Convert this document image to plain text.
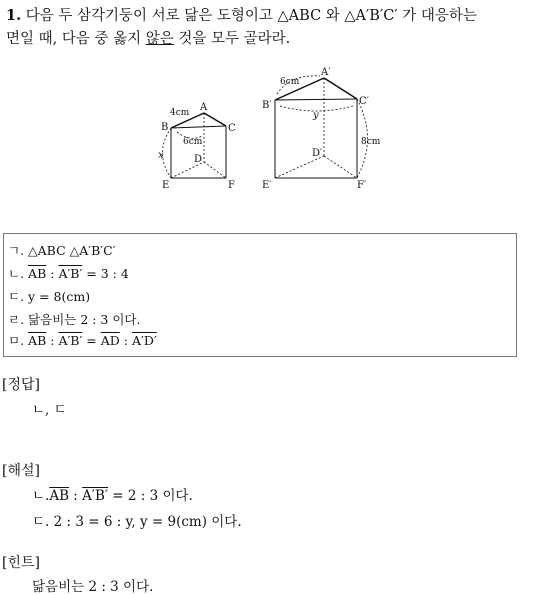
1. 다음 두 삼각기둥이 서로 닮은 도형이고 △ABC 와 △A′B′C′ 가 대응하는
면일 때, 다음 중 옳지 않은 것을 모두 골라라.
A
B	C
D
E	F
x
4cm
6cm
A′
B′	C′
D′
E′	F′
y
6cm
8cm
ㄱ. △ABC △A′B′C′
ㄴ. $\overline{AB}$ : A′B′ = 3 : 4
ㄷ. y = 8(cm)
ㄹ. 닮음비는 2 : 3 이다.
ㅁ. $\overline{AB}$ : $A'B' = \overline{AD}$ : A′D′
[정답]
ㄴ, ㄷ
[해설]
ㄴ$.\overline{AB}$ : A′B′ = 2 : 3 이다.
ㄷ. 2 : 3 = 6 : y, y = 9(cm) 이다.
[힌트]
닮음비는 2 : 3 이다.
